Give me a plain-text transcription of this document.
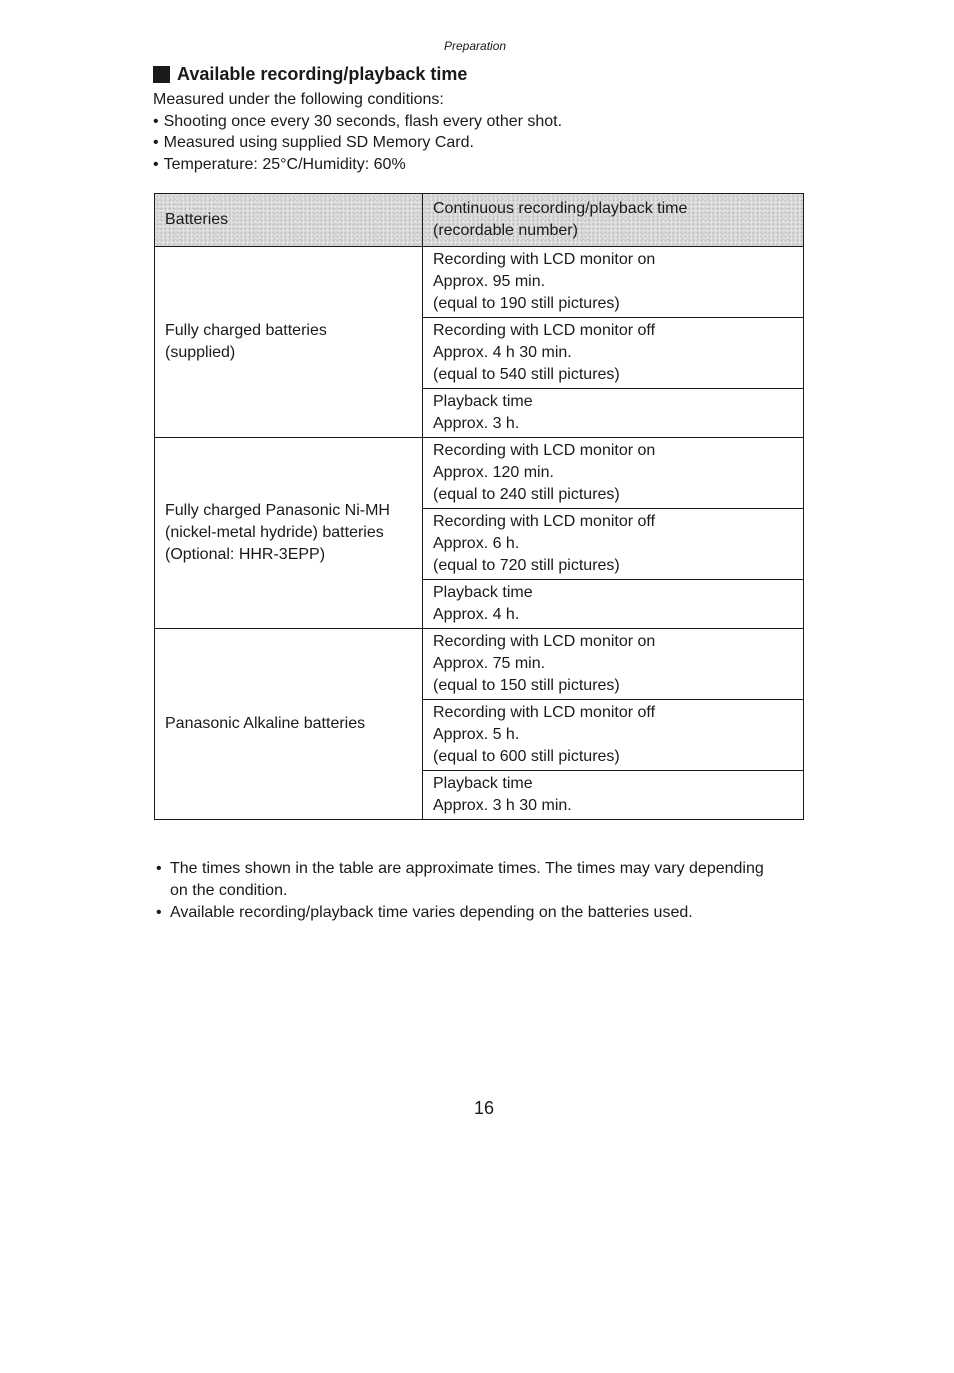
Preparation
Available recording/playback time
Measured under the following conditions:
• Shooting once every 30 seconds, flash every other shot.
• Measured using supplied SD Memory Card.
• Temperature: 25°C/Humidity: 60%
Batteries	Continuous recording/playback time
(recordable number)

Fully charged batteries
(supplied)	Recording with LCD monitor on
Approx. 95 min.
(equal to 190 still pictures)

	Recording with LCD monitor off
Approx. 4 h 30 min.
(equal to 540 still pictures)

	Playback time
Approx. 3 h.

Fully charged Panasonic Ni-MH
(nickel-metal hydride) batteries
(Optional: HHR-3EPP)	Recording with LCD monitor on
Approx. 120 min.
(equal to 240 still pictures)

	Recording with LCD monitor off
Approx. 6 h.
(equal to 720 still pictures)

	Playback time
Approx. 4 h.

Panasonic Alkaline batteries	Recording with LCD monitor on
Approx. 75 min.
(equal to 150 still pictures)

	Recording with LCD monitor off
Approx. 5 h.
(equal to 600 still pictures)

	Playback time
Approx. 3 h 30 min.
• The times shown in the table are approximate times. The times may vary depending on the condition.
• Available recording/playback time varies depending on the batteries used.
16
